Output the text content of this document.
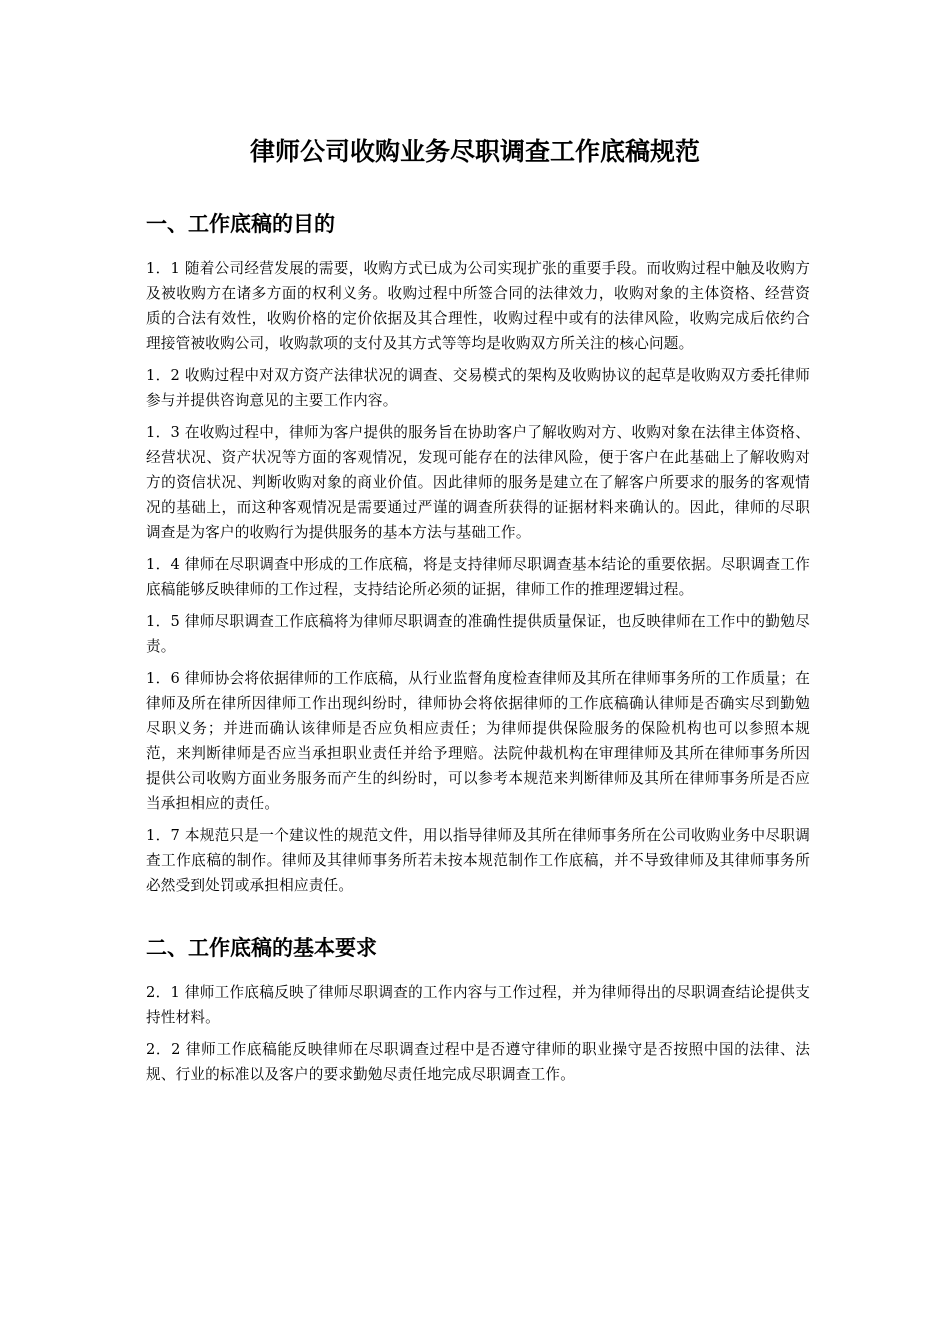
律师公司收购业务尽职调查工作底稿规范
一、工作底稿的目的

1．1 随着公司经营发展的需要，收购方式已成为公司实现扩张的重要手段。而收购过程中触及收购方及被收购方在诸多方面的权利义务。收购过程中所签合同的法律效力，收购对象的主体资格、经营资质的合法有效性，收购价格的定价依据及其合理性，收购过程中或有的法律风险，收购完成后依约合理接管被收购公司，收购款项的支付及其方式等等均是收购双方所关注的核心问题。

1．2 收购过程中对双方资产法律状况的调查、交易模式的架构及收购协议的起草是收购双方委托律师参与并提供咨询意见的主要工作内容。

1．3 在收购过程中，律师为客户提供的服务旨在协助客户了解收购对方、收购对象在法律主体资格、经营状况、资产状况等方面的客观情况，发现可能存在的法律风险，便于客户在此基础上了解收购对方的资信状况、判断收购对象的商业价值。因此律师的服务是建立在了解客户所要求的服务的客观情况的基础上，而这种客观情况是需要通过严谨的调查所获得的证据材料来确认的。因此，律师的尽职调查是为客户的收购行为提供服务的基本方法与基础工作。

1．4 律师在尽职调查中形成的工作底稿，将是支持律师尽职调查基本结论的重要依据。尽职调查工作底稿能够反映律师的工作过程，支持结论所必须的证据，律师工作的推理逻辑过程。

1．5 律师尽职调查工作底稿将为律师尽职调查的准确性提供质量保证，也反映律师在工作中的勤勉尽责。

1．6 律师协会将依据律师的工作底稿，从行业监督角度检查律师及其所在律师事务所的工作质量；在律师及所在律所因律师工作出现纠纷时，律师协会将依据律师的工作底稿确认律师是否确实尽到勤勉尽职义务；并进而确认该律师是否应负相应责任；为律师提供保险服务的保险机构也可以参照本规范，来判断律师是否应当承担职业责任并给予理赔。法院仲裁机构在审理律师及其所在律师事务所因提供公司收购方面业务服务而产生的纠纷时，可以参考本规范来判断律师及其所在律师事务所是否应当承担相应的责任。

1．7 本规范只是一个建议性的规范文件，用以指导律师及其所在律师事务所在公司收购业务中尽职调查工作底稿的制作。律师及其律师事务所若未按本规范制作工作底稿，并不导致律师及其律师事务所必然受到处罚或承担相应责任。

二、工作底稿的基本要求

2．1 律师工作底稿反映了律师尽职调查的工作内容与工作过程，并为律师得出的尽职调查结论提供支持性材料。

2．2 律师工作底稿能反映律师在尽职调查过程中是否遵守律师的职业操守是否按照中国的法律、法规、行业的标准以及客户的要求勤勉尽责任地完成尽职调查工作。
